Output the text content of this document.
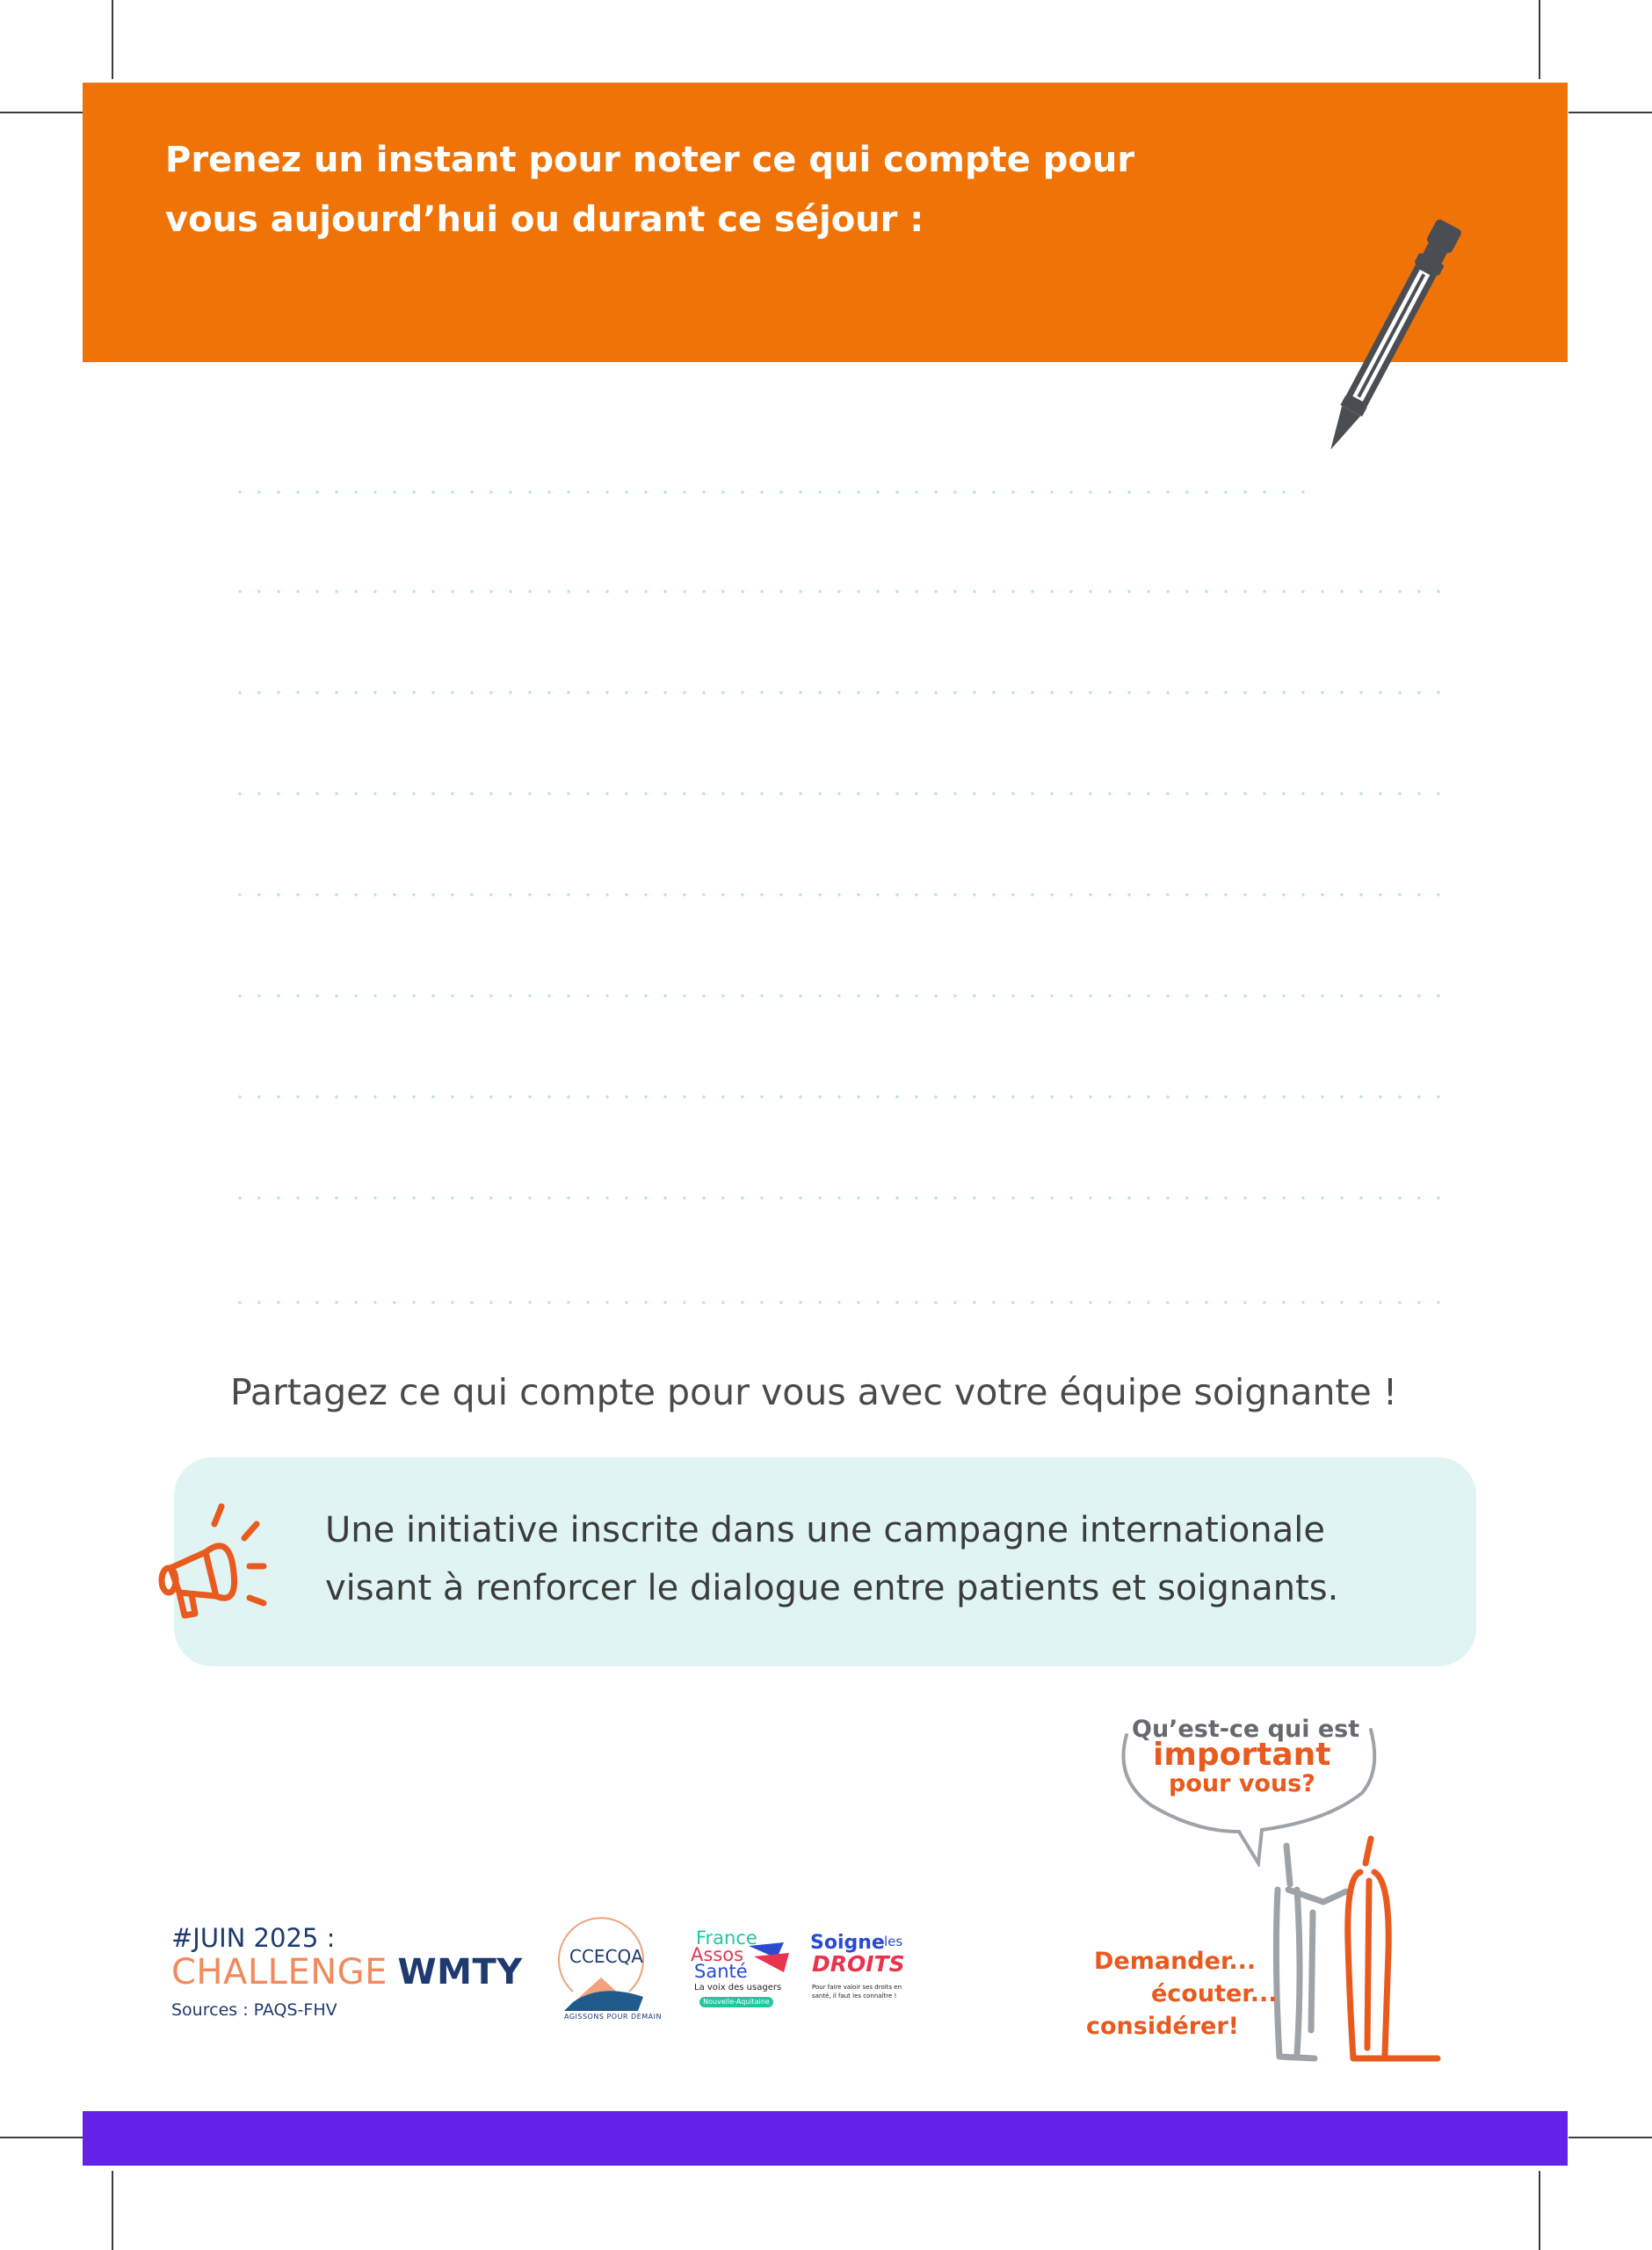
Prenez un instant pour noter ce qui compte pour
vous aujourd’hui ou durant ce séjour :
Partagez ce qui compte pour vous avec votre équipe soignante !
Une initiative inscrite dans une campagne internationale
visant à renforcer le dialogue entre patients et soignants.
#JUIN 2025 :
CHALLENGE WMTY
Sources : PAQS-FHV
CCECQA
AGISSONS POUR DEMAIN
France
Assos
Santé
La voix des usagers
Nouvelle-Aquitaine
Soigne les
DROITS
Pour faire valoir ses droits en santé, il faut les connaître !
Qu’est-ce qui est
important
pour vous?
Demander...
écouter...
considérer!
